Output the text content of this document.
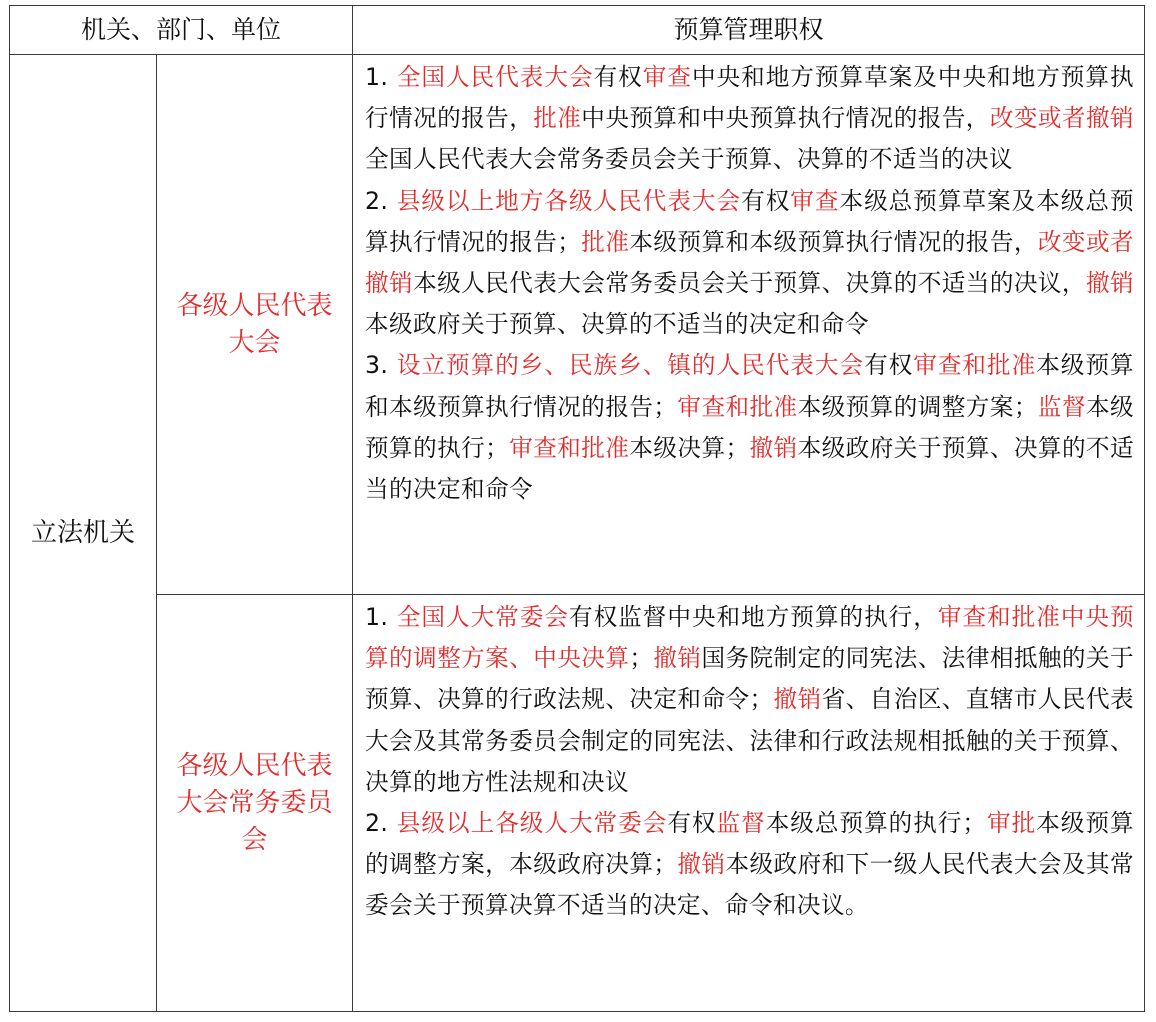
机关、部门、单位		预算管理职权
立法机关	各级人民代表大会	1. 全国人民代表大会有权审查中央和地方预算草案及中央和地方预算执行情况的报告，批准中央预算和中央预算执行情况的报告，改变或者撤销全国人民代表大会常务委员会关于预算、决算的不适当的决议
2. 县级以上地方各级人民代表大会有权审查本级总预算草案及本级总预算执行情况的报告；批准本级预算和本级预算执行情况的报告，改变或者撤销本级人民代表大会常务委员会关于预算、决算的不适当的决议，撤销本级政府关于预算、决算的不适当的决定和命令
3. 设立预算的乡、民族乡、镇的人民代表大会有权审查和批准本级预算和本级预算执行情况的报告；审查和批准本级预算的调整方案；监督本级预算的执行；审查和批准本级决算；撤销本级政府关于预算、决算的不适当的决定和命令

	各级人民代表大会常务委员会	1. 全国人大常委会有权监督中央和地方预算的执行，审查和批准中央预算的调整方案、中央决算；撤销国务院制定的同宪法、法律相抵触的关于预算、决算的行政法规、决定和命令；撤销省、自治区、直辖市人民代表大会及其常务委员会制定的同宪法、法律和行政法规相抵触的关于预算、决算的地方性法规和决议
2. 县级以上各级人大常委会有权监督本级总预算的执行；审批本级预算的调整方案，本级政府决算；撤销本级政府和下一级人民代表大会及其常委会关于预算决算不适当的决定、命令和决议。
